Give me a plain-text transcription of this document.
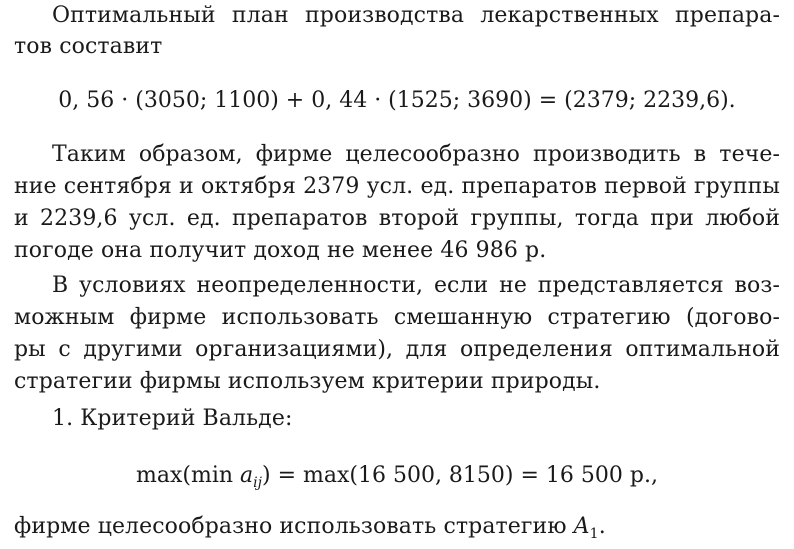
Оптимальный план производства лекарственных препара-
тов составит
0, 56 · (3050; 1100) + 0, 44 · (1525; 3690) = (2379; 2239,6).
Таким образом, фирме целесообразно производить в тече-
ние сентября и октября 2379 усл. ед. препаратов первой группы
и 2239,6 усл. ед. препаратов второй группы, тогда при любой
погоде она получит доход не менее 46 986 р.
В условиях неопределенности, если не представляется воз-
можным фирме использовать смешанную стратегию (догово-
ры с другими организациями), для определения оптимальной
стратегии фирмы используем критерии природы.
1. Критерий Вальде:
max(min $a_{ij}) = \max(16$ 500, 8150) = 16 500 р.,
фирме целесообразно использовать стратегию $A_1$.
